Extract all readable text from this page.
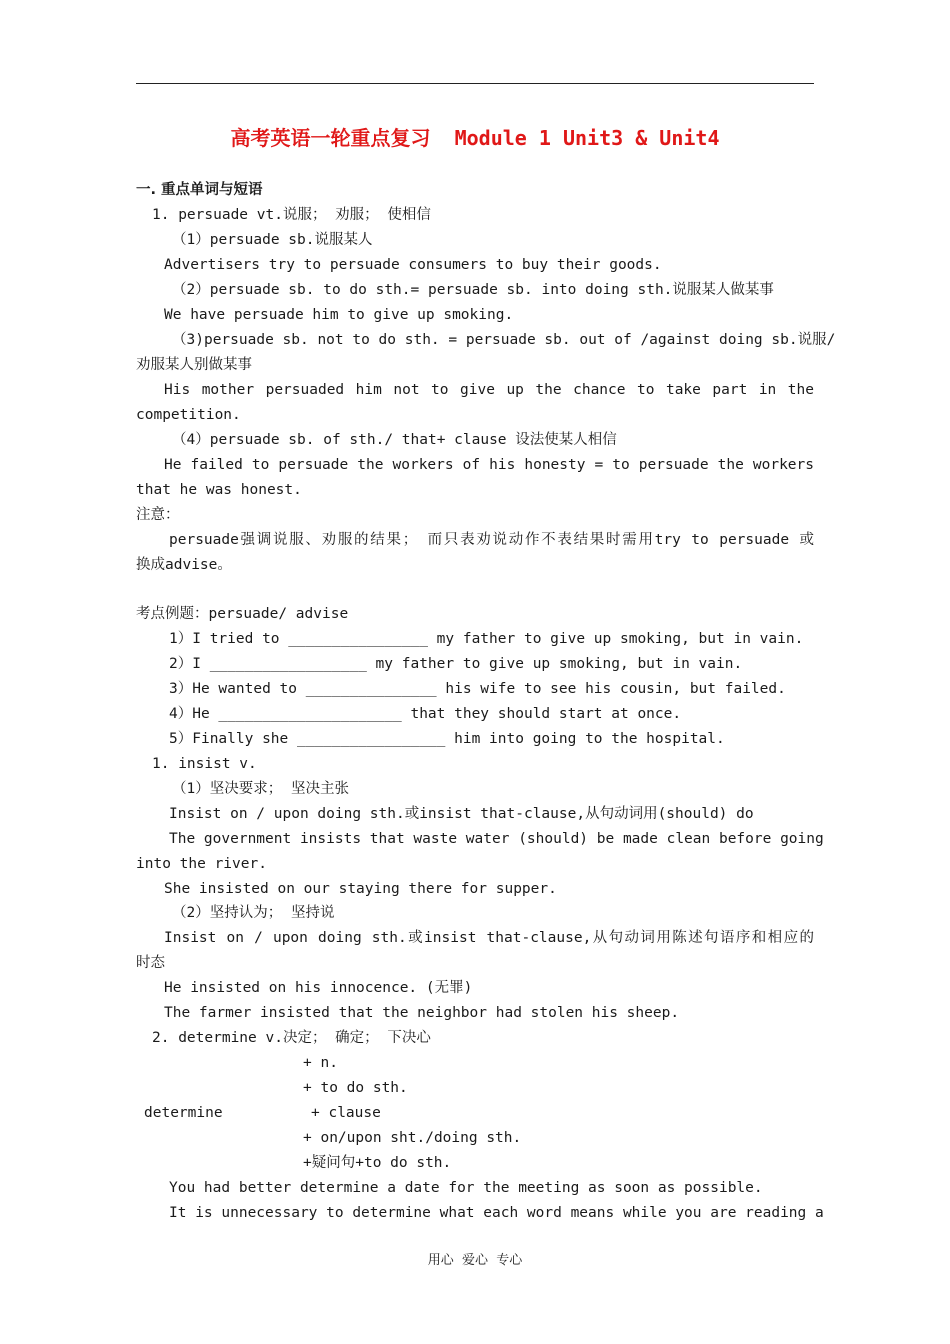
高考英语一轮重点复习  Module 1 Unit3 & Unit4
一. 重点单词与短语
1. persuade vt.说服； 劝服； 使相信
（1）persuade sb.说服某人
Advertisers try to persuade consumers to buy their goods.
（2）persuade sb. to do sth.= persuade sb. into doing sth.说服某人做某事
We have persuade him to give up smoking.
（3)persuade sb. not to do sth. = persuade sb. out of /against doing sb.说服/
劝服某人别做某事
His mother persuaded him not to give up the chance to take part in the
competition.
（4）persuade sb. of sth./ that+ clause 设法使某人相信
He failed to persuade the workers of his honesty = to persuade the workers
that he was honest.
注意：
persuade强调说服、劝服的结果； 而只表劝说动作不表结果时需用try to persuade 或
换成advise。
考点例题：persuade/ advise
1）I tried to ________________ my father to give up smoking, but in vain.
2）I __________________ my father to give up smoking, but in vain.
3）He wanted to _______________ his wife to see his cousin, but failed.
4）He _____________________ that they should start at once.
5）Finally she _________________ him into going to the hospital.
1. insist v.
（1）坚决要求； 坚决主张
Insist on / upon doing sth.或insist that-clause,从句动词用(should) do
The government insists that waste water (should) be made clean before going
into the river.
She insisted on our staying there for supper.
（2）坚持认为； 坚持说
Insist on / upon doing sth.或insist that-clause,从句动词用陈述句语序和相应的
时态
He insisted on his innocence. (无罪)
The farmer insisted that the neighbor had stolen his sheep.
2. determine v.决定； 确定； 下决心
+ n.
+ to do sth.
determine	+ clause
+ on/upon sht./doing sth.
+疑问句+to do sth.
You had better determine a date for the meeting as soon as possible.
It is unnecessary to determine what each word means while you are reading a
用心  爱心  专心
